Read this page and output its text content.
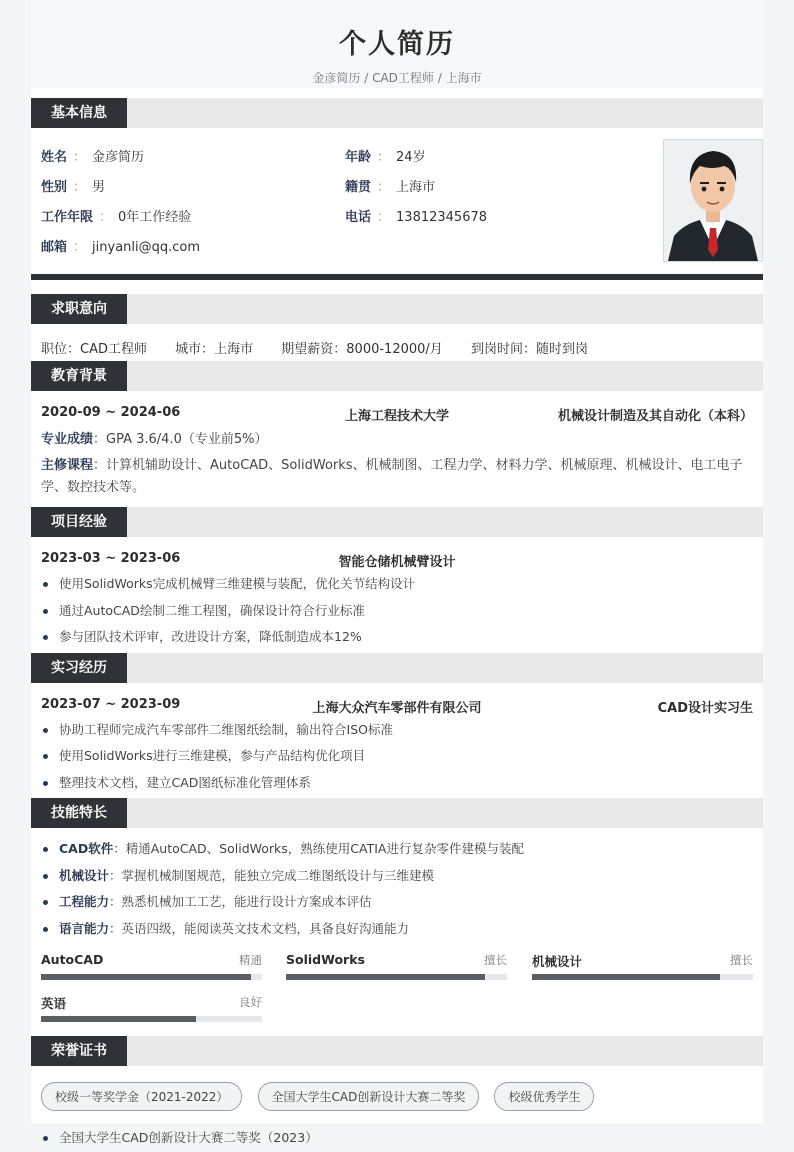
个人简历
金彦简历 / CAD工程师 / 上海市
基本信息
姓名 ： 金彦简历	年龄 ： 24岁
性别 ： 男	籍贯 ： 上海市
工作年限 ： 0年工作经验	电话 ： 13812345678
邮箱 ： jinyanli@qq.com
求职意向
职位：CAD工程师 城市：上海市 期望薪资：8000-12000/月 到岗时间：随时到岗
教育背景
2020-09 ~ 2024-06	上海工程技术大学	机械设计制造及其自动化（本科）
专业成绩：GPA 3.6/4.0（专业前5%）
主修课程：计算机辅助设计、AutoCAD、SolidWorks、机械制图、工程力学、材料力学、机械原理、机械设计、电工电子学、数控技术等。
项目经验
2023-03 ~ 2023-06	智能仓储机械臂设计
使用SolidWorks完成机械臂三维建模与装配，优化关节结构设计
通过AutoCAD绘制二维工程图，确保设计符合行业标准
参与团队技术评审，改进设计方案，降低制造成本12%
实习经历
2023-07 ~ 2023-09	上海大众汽车零部件有限公司	CAD设计实习生
协助工程师完成汽车零部件二维图纸绘制，输出符合ISO标准
使用SolidWorks进行三维建模，参与产品结构优化项目
整理技术文档，建立CAD图纸标准化管理体系
技能特长
CAD软件：精通AutoCAD、SolidWorks，熟练使用CATIA进行复杂零件建模与装配
机械设计：掌握机械制图规范，能独立完成二维图纸设计与三维建模
工程能力：熟悉机械加工工艺，能进行设计方案成本评估
语言能力：英语四级，能阅读英文技术文档，具备良好沟通能力
AutoCAD	精通 SolidWorks	擅长 机械设计	擅长
英语	良好
荣誉证书
校级一等奖学金（2021-2022）	全国大学生CAD创新设计大赛二等奖	校级优秀学生
全国大学生CAD创新设计大赛二等奖（2023）
